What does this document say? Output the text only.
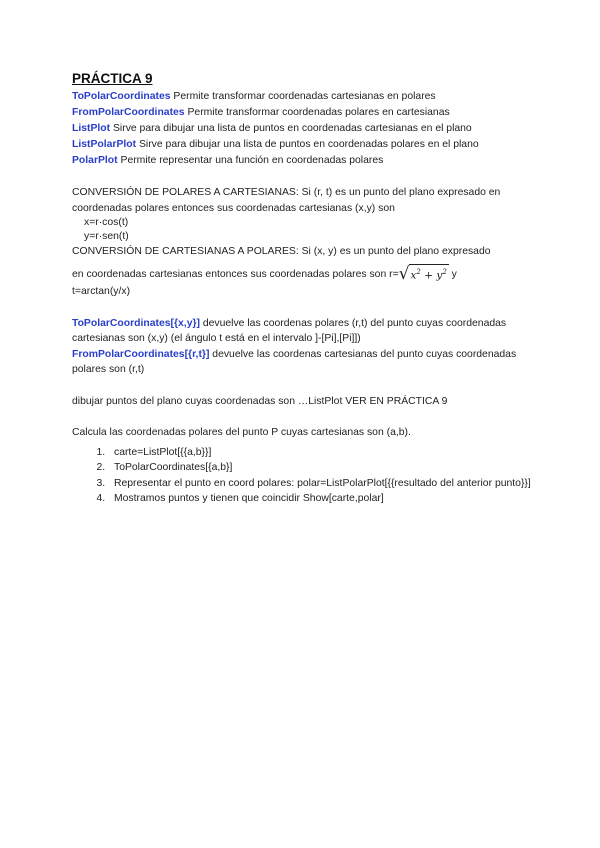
PRÁCTICA 9
ToPolarCoordinates Permite transformar coordenadas cartesianas en polares
FromPolarCoordinates Permite transformar coordenadas polares en cartesianas
ListPlot Sirve para dibujar una lista de puntos en coordenadas cartesianas en el plano
ListPolarPlot Sirve para dibujar una lista de puntos en coordenadas polares en el plano
PolarPlot Permite representar una función en coordenadas polares
CONVERSIÓN DE POLARES A CARTESIANAS: Si (r, t) es un punto del plano expresado en coordenadas polares entonces sus coordenadas cartesianas (x,y) son
x=r·cos(t)
y=r·sen(t)
CONVERSIÓN DE CARTESIANAS A POLARES: Si (x, y) es un punto del plano expresado
en coordenadas cartesianas entonces sus coordenadas polares son $r=√x^2 + y^2$ y
t=arctan(y/x)
ToPolarCoordinates[{x,y}] devuelve las coordenas polares (r,t) del punto cuyas coordenadas cartesianas son (x,y) (el ángulo t está en el intervalo ]-[Pi],[Pi]])
FromPolarCoordinates[{r,t}] devuelve las coordenas cartesianas del punto cuyas coordenadas polares son (r,t)
dibujar puntos del plano cuyas coordenadas son …ListPlot VER EN PRÁCTICA 9
Calcula las coordenadas polares del punto P cuyas cartesianas son (a,b).
1. carte=ListPlot[{{a,b}}]
2. ToPolarCoordinates[{a,b}]
3. Representar el punto en coord polares: polar=ListPolarPlot[{{resultado del anterior punto}}]
4. Mostramos puntos y tienen que coincidir Show[carte,polar]
